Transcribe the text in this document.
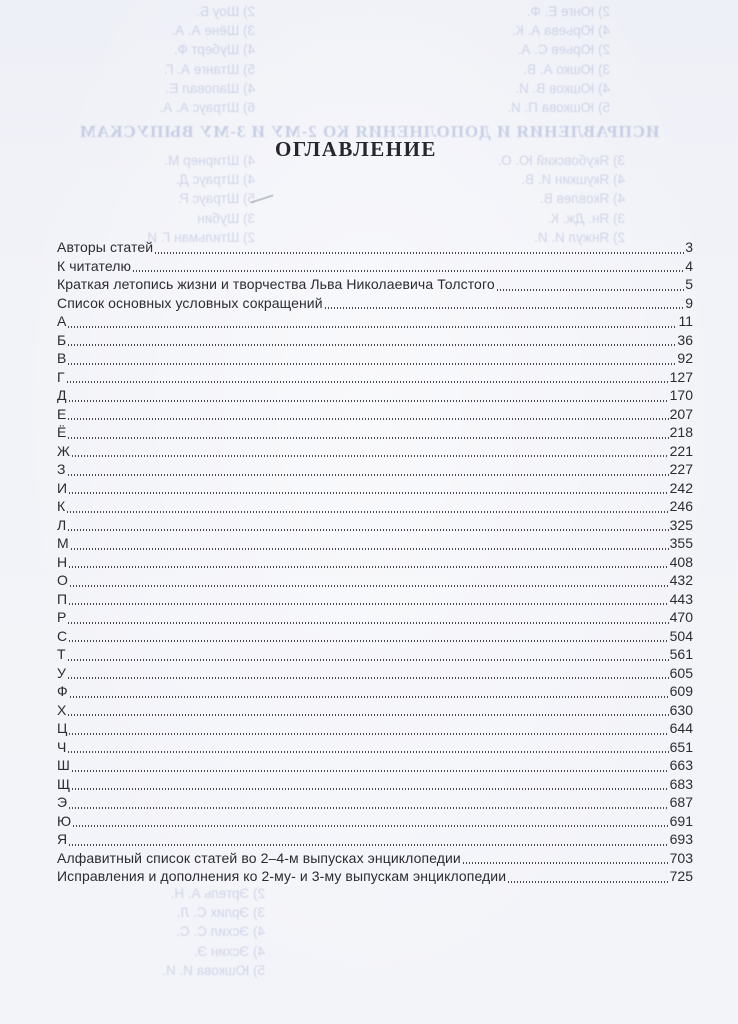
2) Шоу Б.
3) Шёне А. А.
4) Шуберт Ф.
5) Штанге А. Г.
4) Шаповал Е.
6) Штраус А. А.
2) Юнге Е. Ф.
4) Юрьева А. К.
2) Юрьев С. А.
3) Юшко А. В.
4) Юшков В. И.
5) Юшкова П. И.
ИСПРАВЛЕНИЯ И ДОПОЛНЕНИЯ КО 2-МУ И 3-МУ ВЫПУСКАМ
4) Штирнер М.
4) Штраус Д.
5) Штраус Р.
3) Шубин
2) Штильман Г. И.
3) Якубовский Ю. О.
4) Якушкин И. В.
4) Яковлев В.
3) Ян. Дж. К.
2) Янжул И. И.
2) Эртель А. Н.
3) Эрлих С. Л.
4) Эсхил С. С.
4) Эсхин Э.
5) Юшкова И. И.
ОГЛАВЛЕНИЕ
Авторы статей	3
К читателю	4
Краткая летопись жизни и творчества Льва Николаевича Толстого	5
Список основных условных сокращений	9
А	11
Б	36
В	92
Г	127
Д	170
Е	207
Ё	218
Ж	221
З	227
И	242
К	246
Л	325
М	355
Н	408
О	432
П	443
Р	470
С	504
Т	561
У	605
Ф	609
Х	630
Ц	644
Ч	651
Ш	663
Щ	683
Э	687
Ю	691
Я	693
Алфавитный список статей во 2–4-м выпусках энциклопедии	703
Исправления и дополнения ко 2-му- и 3-му выпускам энциклопедии	725
